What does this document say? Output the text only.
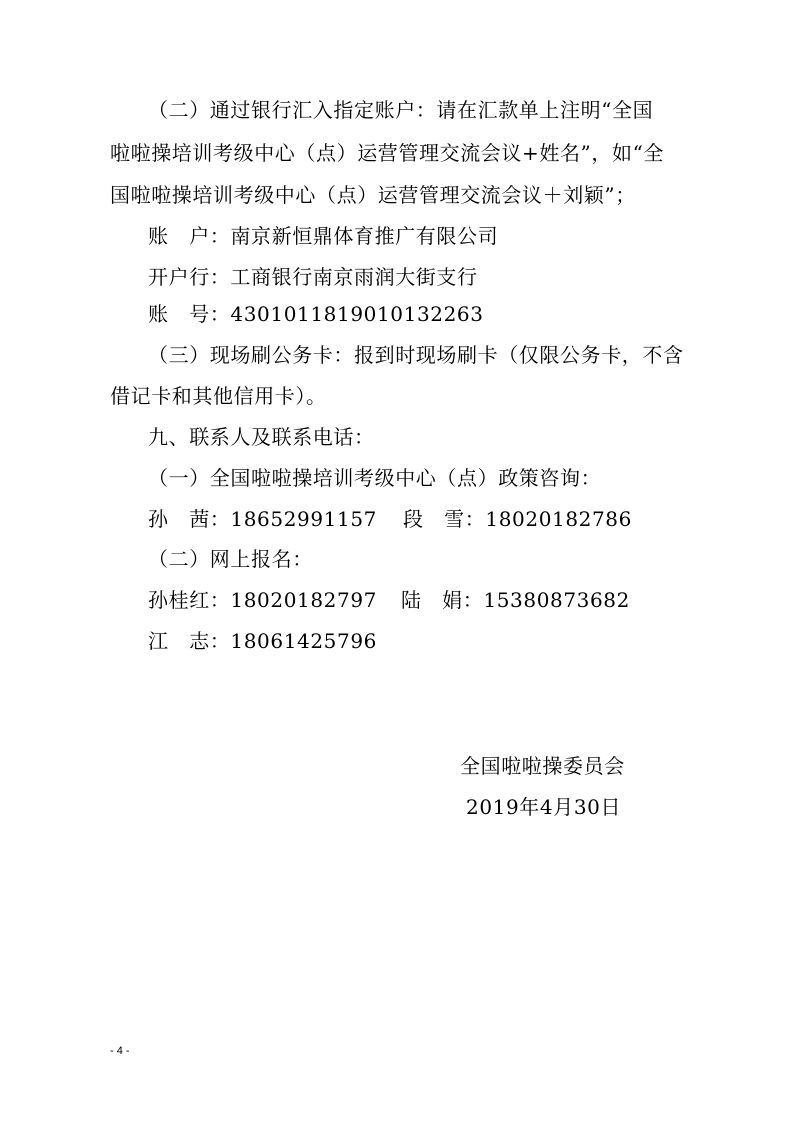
（二）通过银行汇入指定账户：请在汇款单上注明“全国
啦啦操培训考级中心（点）运营管理交流会议+姓名”，如“全
国啦啦操培训考级中心（点）运营管理交流会议＋刘颖”；
账　户：南京新恒鼎体育推广有限公司
开户行：工商银行南京雨润大街支行
账　号：4301011819010132263
（三）现场刷公务卡：报到时现场刷卡（仅限公务卡，不含
借记卡和其他信用卡）。
九、联系人及联系电话：
（一）全国啦啦操培训考级中心（点）政策咨询：
孙　茜：18652991157 段　雪：18020182786
（二）网上报名：
孙桂红：18020182797 陆　娟：15380873682
江　志：18061425796
全国啦啦操委员会
2019年4月30日
- 4 -
